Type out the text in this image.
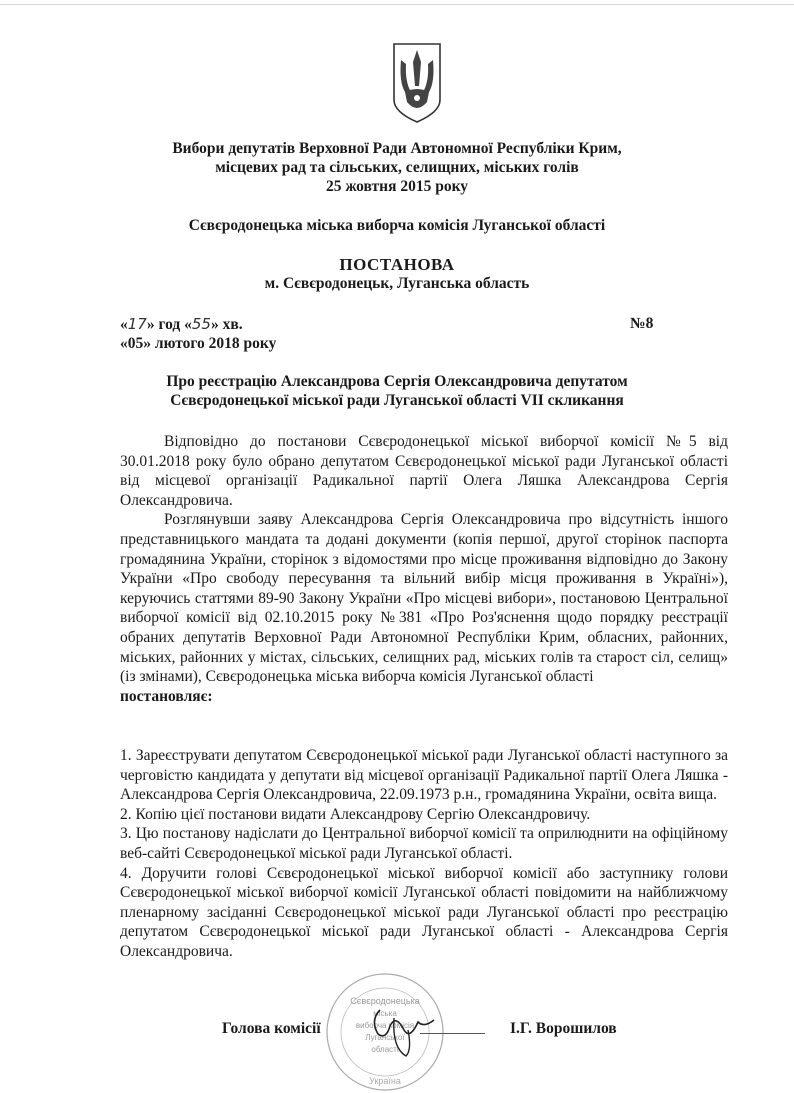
Вибори депутатів Верховної Ради Автономної Республіки Крим,
місцевих рад та сільських, селищних, міських голів
25 жовтня 2015 року
Сєвєродонецька міська виборча комісія Луганської області
ПОСТАНОВА
м. Сєвєродонецьк, Луганська область
«17» год «55» хв.
«05» лютого 2018 року
№8
Про реєстрацію Александрова Сергія Олександровича депутатом
Сєвєродонецької міської ради Луганської області VII скликання

Відповідно до постанови Сєвєродонецької міської виборчої комісії №5 від 30.01.2018 року було обрано депутатом Сєвєродонецької міської ради Луганської області від місцевої організації Радикальної партії Олега Ляшка Александрова Сергія Олександровича.

Розглянувши заяву Александрова Сергія Олександровича про відсутність іншого представницького мандата та додані документи (копія першої, другої сторінок паспорта громадянина України, сторінок з відомостями про місце проживання відповідно до Закону України «Про свободу пересування та вільний вибір місця проживання в Україні»), керуючись статтями 89-90 Закону України «Про місцеві вибори», постановою Центральної виборчої комісії від 02.10.2015 року №381 «Про Роз'яснення щодо порядку реєстрації обраних депутатів Верховної Ради Автономної Республіки Крим, обласних, районних, міських, районних у містах, сільських, селищних рад, міських голів та старост сіл, селищ» (із змінами), Сєвєродонецька міська виборча комісія Луганської області

постановляє:

1. Зареєструвати депутатом Сєвєродонецької міської ради Луганської області наступного за черговістю кандидата у депутати від місцевої організації Радикальної партії Олега Ляшка - Александрова Сергія Олександровича, 22.09.1973 р.н., громадянина України, освіта вища.

2. Копію цієї постанови видати Александрову Сергію Олександровичу.

3. Цю постанову надіслати до Центральної виборчої комісії та оприлюднити на офіційному веб-сайті Сєвєродонецької міської ради Луганської області.

4. Доручити голові Сєвєродонецької міської виборчої комісії або заступнику голови Сєвєродонецької міської виборчої комісії Луганської області повідомити на найближчому пленарному засіданні Сєвєродонецької міської ради Луганської області про реєстрацію депутатом Сєвєродонецької міської ради Луганської області - Александрова Сергія Олександровича.

Сєвєродонецька
міська
виборча комісія
Луганської
області
Україна
Голова комісії	І.Г. Ворошилов
